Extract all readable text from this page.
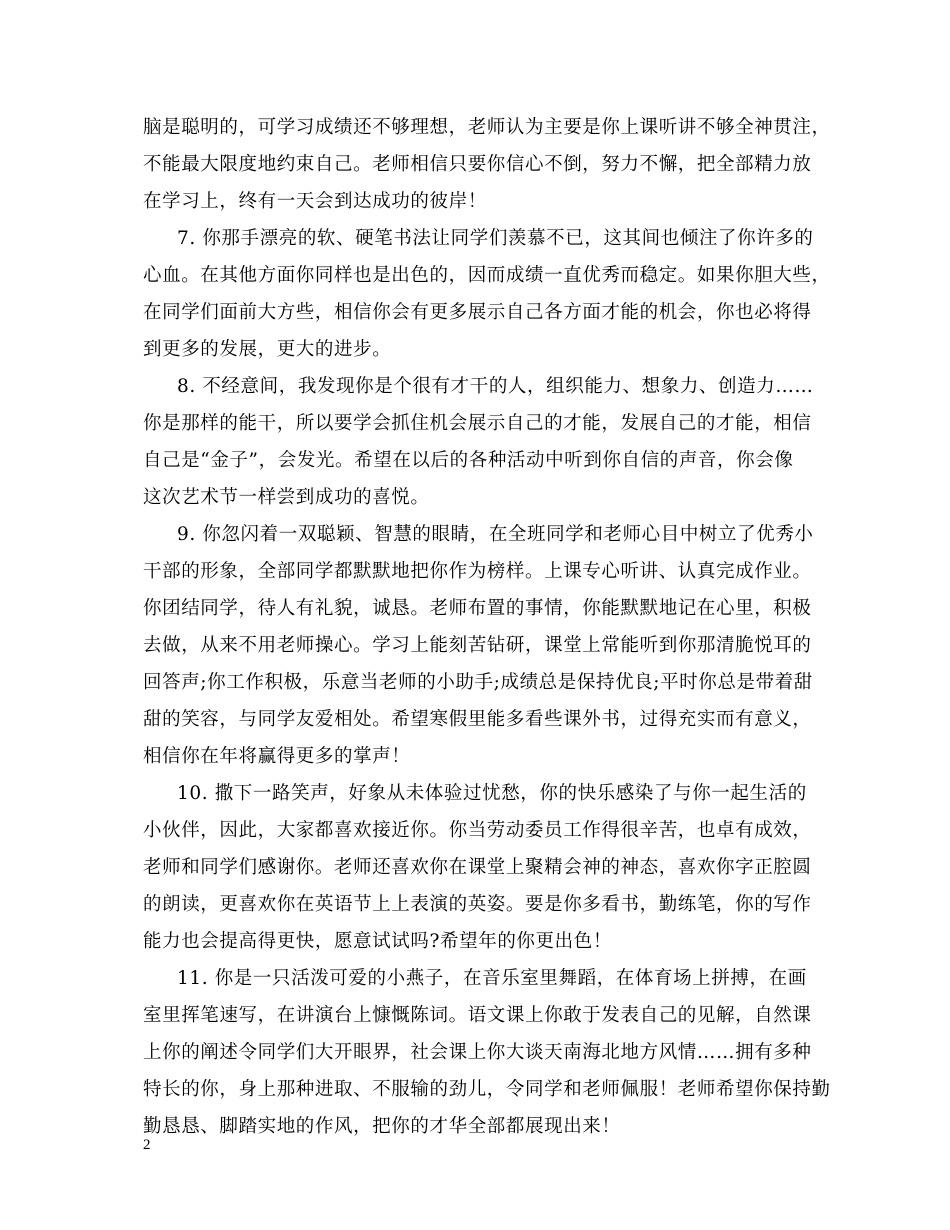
脑是聪明的，可学习成绩还不够理想，老师认为主要是你上课听讲不够全神贯注，
不能最大限度地约束自己。老师相信只要你信心不倒，努力不懈，把全部精力放
在学习上，终有一天会到达成功的彼岸！
7. 你那手漂亮的软、硬笔书法让同学们羡慕不已，这其间也倾注了你许多的
心血。在其他方面你同样也是出色的，因而成绩一直优秀而稳定。如果你胆大些，
在同学们面前大方些，相信你会有更多展示自己各方面才能的机会，你也必将得
到更多的发展，更大的进步。
8. 不经意间，我发现你是个很有才干的人，组织能力、想象力、创造力……
你是那样的能干，所以要学会抓住机会展示自己的才能，发展自己的才能，相信
自己是“金子”，会发光。希望在以后的各种活动中听到你自信的声音，你会像
这次艺术节一样尝到成功的喜悦。
9. 你忽闪着一双聪颖、智慧的眼睛，在全班同学和老师心目中树立了优秀小
干部的形象，全部同学都默默地把你作为榜样。上课专心听讲、认真完成作业。
你团结同学，待人有礼貌，诚恳。老师布置的事情，你能默默地记在心里，积极
去做，从来不用老师操心。学习上能刻苦钻研，课堂上常能听到你那清脆悦耳的
回答声;你工作积极，乐意当老师的小助手;成绩总是保持优良;平时你总是带着甜
甜的笑容，与同学友爱相处。希望寒假里能多看些课外书，过得充实而有意义，
相信你在年将赢得更多的掌声！
10. 撒下一路笑声，好象从未体验过忧愁，你的快乐感染了与你一起生活的
小伙伴，因此，大家都喜欢接近你。你当劳动委员工作得很辛苦，也卓有成效，
老师和同学们感谢你。老师还喜欢你在课堂上聚精会神的神态，喜欢你字正腔圆
的朗读，更喜欢你在英语节上上表演的英姿。要是你多看书，勤练笔，你的写作
能力也会提高得更快，愿意试试吗?希望年的你更出色！
11. 你是一只活泼可爱的小燕子，在音乐室里舞蹈，在体育场上拼搏，在画
室里挥笔速写，在讲演台上慷慨陈词。语文课上你敢于发表自己的见解，自然课
上你的阐述令同学们大开眼界，社会课上你大谈天南海北地方风情……拥有多种
特长的你，身上那种进取、不服输的劲儿，令同学和老师佩服！老师希望你保持勤
勤恳恳、脚踏实地的作风，把你的才华全部都展现出来！
2
